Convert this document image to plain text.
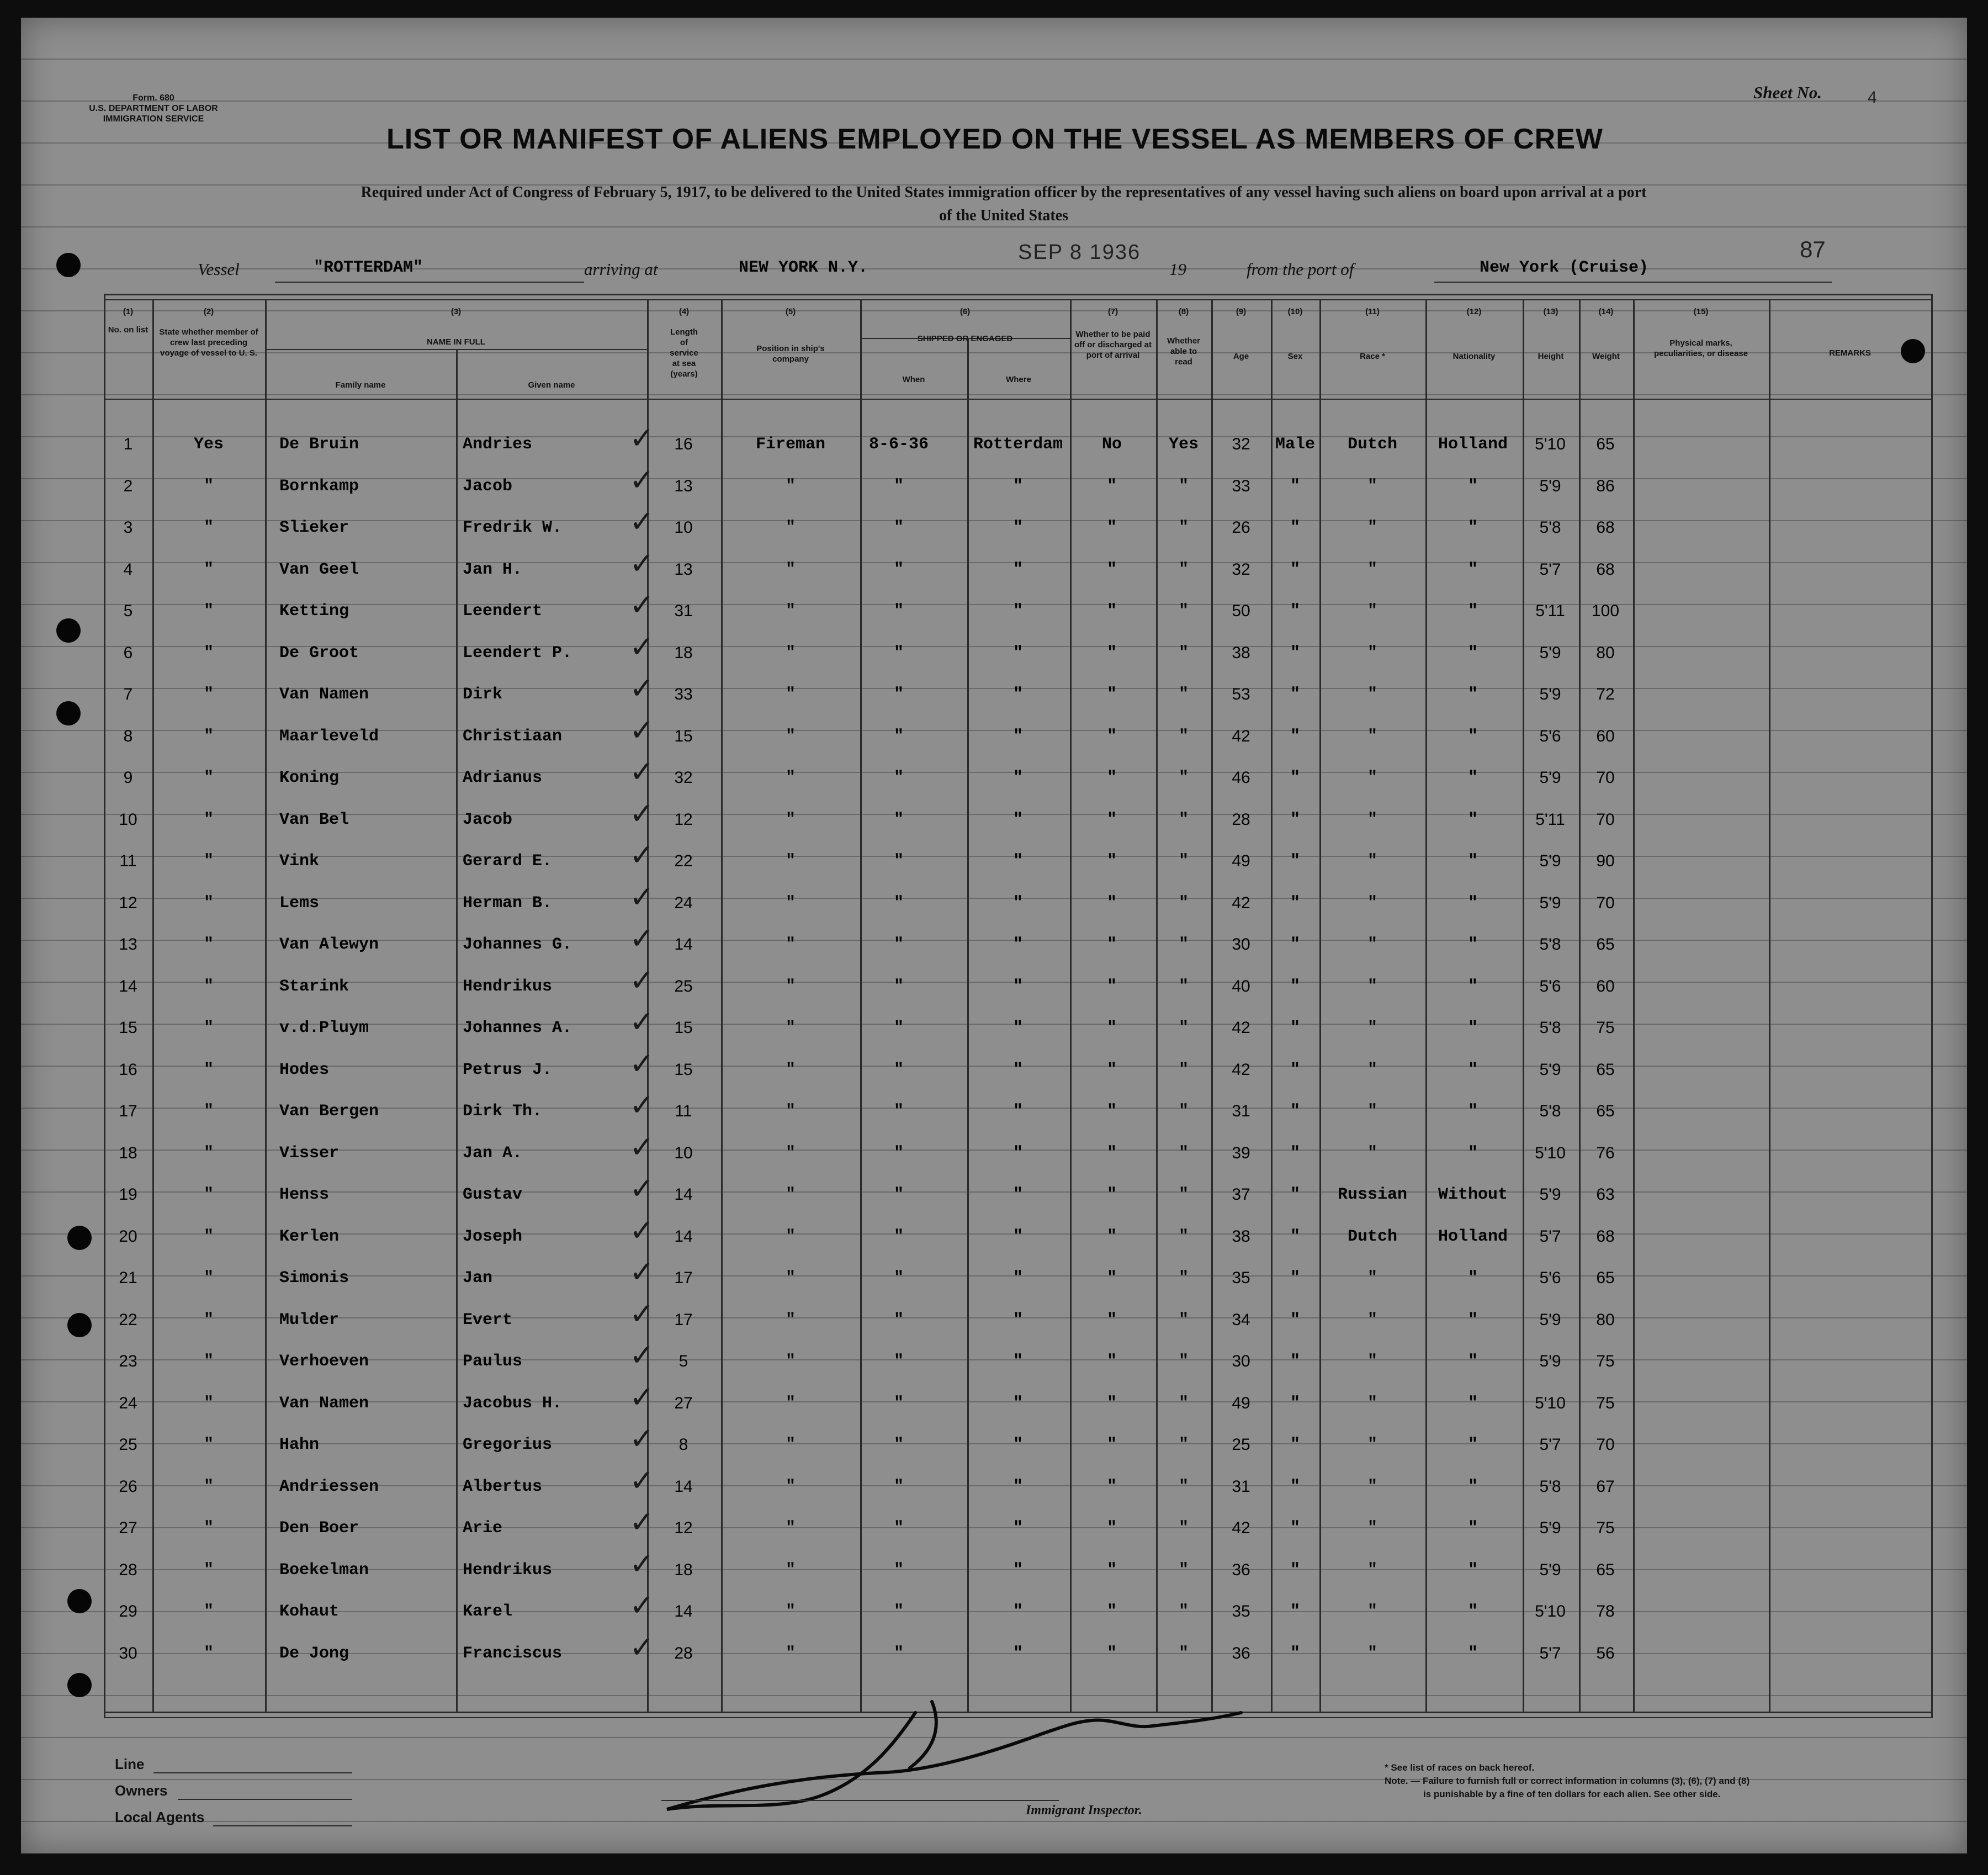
Form. 680
U.S. DEPARTMENT OF LABOR
IMMIGRATION SERVICE
Sheet No.	4
LIST OR MANIFEST OF ALIENS EMPLOYED ON THE VESSEL AS MEMBERS OF CREW
Required under Act of Congress of February 5, 1917, to be delivered to the United States immigration officer by the representatives of any vessel having such aliens on board upon arrival at a port
of the United States
Vessel	"ROTTERDAM"	arriving at	NEW YORK N.Y.
SEP 8 1936
19	from the port of	New York (Cruise)
87
(1)	(2)	(3)	(4)	(5)	(6)	(7)	(8)	(9)	(10)	(11)	(12)	(13)	(14)	(15)
No. on list	State whether member of crew last preceding voyage of vessel to U. S.
NAME IN FULL
Family name	Given name
Length of service at sea (years)
Position in ship's company
SHIPPED OR ENGAGED
When	Where
Whether to be paid off or discharged at port of arrival
Whether able to read
Age	Sex	Race *	Nationality	Height	Weight
Physical marks, peculiarities, or disease	REMARKS
1	Yes	De Bruin	Andries	16	Fireman	8-6-36	Rotterdam	No	Yes	32	Male	Dutch	Holland	5'10	65
✓
2	"	Bornkamp	Jacob	13	"	"	"	"	"	33	"	"	"	5'9	86
✓
3	"	Slieker	Fredrik W.	10	"	"	"	"	"	26	"	"	"	5'8	68
✓
4	"	Van Geel	Jan H.	13	"	"	"	"	"	32	"	"	"	5'7	68
✓
5	"	Ketting	Leendert	31	"	"	"	"	"	50	"	"	"	5'11	100
✓
6	"	De Groot	Leendert P.	18	"	"	"	"	"	38	"	"	"	5'9	80
✓
7	"	Van Namen	Dirk	33	"	"	"	"	"	53	"	"	"	5'9	72
✓
8	"	Maarleveld	Christiaan	15	"	"	"	"	"	42	"	"	"	5'6	60
✓
9	"	Koning	Adrianus	32	"	"	"	"	"	46	"	"	"	5'9	70
✓
10	"	Van Bel	Jacob	12	"	"	"	"	"	28	"	"	"	5'11	70
✓
11	"	Vink	Gerard E.	22	"	"	"	"	"	49	"	"	"	5'9	90
✓
12	"	Lems	Herman B.	24	"	"	"	"	"	42	"	"	"	5'9	70
✓
13	"	Van Alewyn	Johannes G.	14	"	"	"	"	"	30	"	"	"	5'8	65
✓
14	"	Starink	Hendrikus	25	"	"	"	"	"	40	"	"	"	5'6	60
✓
15	"	v.d.Pluym	Johannes A.	15	"	"	"	"	"	42	"	"	"	5'8	75
✓
16	"	Hodes	Petrus J.	15	"	"	"	"	"	42	"	"	"	5'9	65
✓
17	"	Van Bergen	Dirk Th.	11	"	"	"	"	"	31	"	"	"	5'8	65
✓
18	"	Visser	Jan A.	10	"	"	"	"	"	39	"	"	"	5'10	76
✓
19	"	Henss	Gustav	14	"	"	"	"	"	37	"	Russian	Without	5'9	63
✓
20	"	Kerlen	Joseph	14	"	"	"	"	"	38	"	Dutch	Holland	5'7	68
✓
21	"	Simonis	Jan	17	"	"	"	"	"	35	"	"	"	5'6	65
✓
22	"	Mulder	Evert	17	"	"	"	"	"	34	"	"	"	5'9	80
✓
23	"	Verhoeven	Paulus	5	"	"	"	"	"	30	"	"	"	5'9	75
✓
24	"	Van Namen	Jacobus H.	27	"	"	"	"	"	49	"	"	"	5'10	75
✓
25	"	Hahn	Gregorius	8	"	"	"	"	"	25	"	"	"	5'7	70
✓
26	"	Andriessen	Albertus	14	"	"	"	"	"	31	"	"	"	5'8	67
✓
27	"	Den Boer	Arie	12	"	"	"	"	"	42	"	"	"	5'9	75
✓
28	"	Boekelman	Hendrikus	18	"	"	"	"	"	36	"	"	"	5'9	65
✓
29	"	Kohaut	Karel	14	"	"	"	"	"	35	"	"	"	5'10	78
✓
30	"	De Jong	Franciscus	28	"	"	"	"	"	36	"	"	"	5'7	56
✓
Line
Owners
Local Agents	Immigrant Inspector.
* See list of races on back hereof.
Note. — Failure to furnish full or correct information in columns (3), (6), (7) and (8)
is punishable by a fine of ten dollars for each alien. See other side.
